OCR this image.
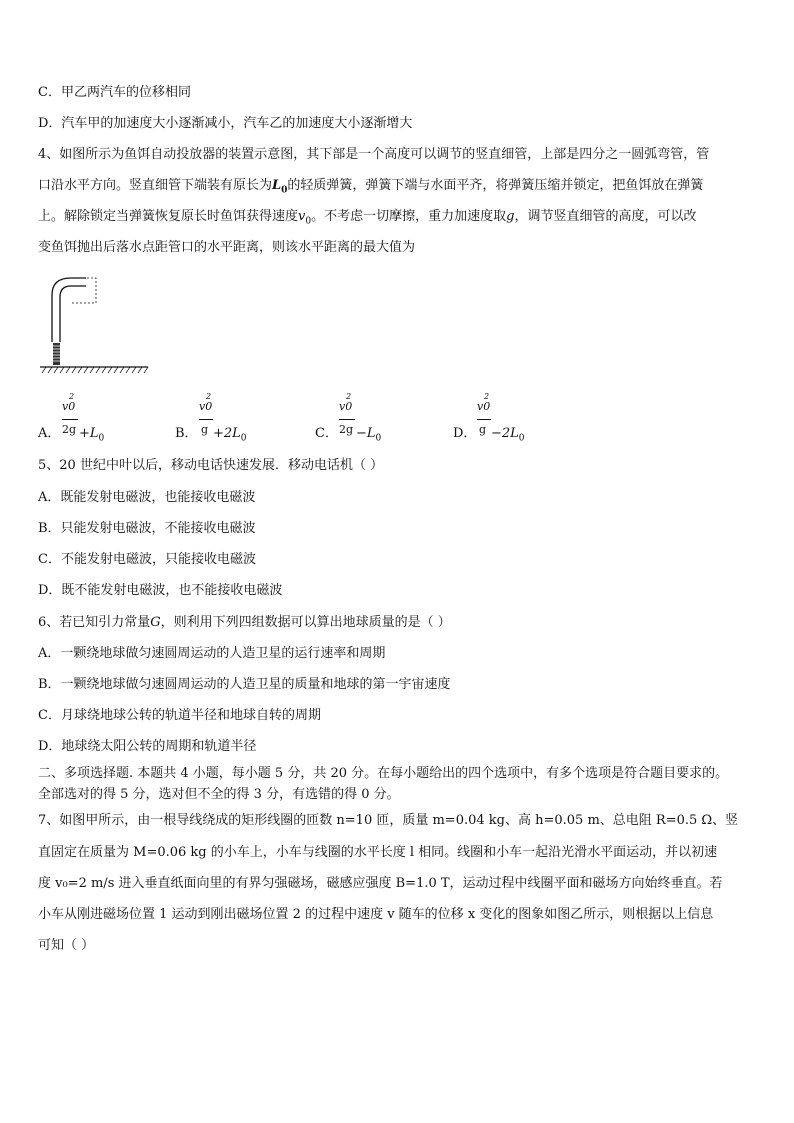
C．甲乙两汽车的位移相同
D．汽车甲的加速度大小逐渐减小，汽车乙的加速度大小逐渐增大
4、如图所示为鱼饵自动投放器的装置示意图，其下部是一个高度可以调节的竖直细管，上部是四分之一圆弧弯管，管
口沿水平方向。竖直细管下端装有原长为$L_0$的轻质弹簧，弹簧下端与水面平齐，将弹簧压缩并锁定，把鱼饵放在弹簧
上。解除锁定当弹簧恢复原长时鱼饵获得速度$v_0$。不考虑一切摩擦，重力加速度取g，调节竖直细管的高度，可以改
变鱼饵抛出后落水点距管口的水平距离，则该水平距离的最大值为
A．
v0
2
$2g +L_0$	B．
v0
2
$g +2L_0$	C．
v0
2
$2g -L_0$	D．
v0
2
$g -2L_0$
5、20 世纪中叶以后，移动电话快速发展．移动电话机（ ）
A．既能发射电磁波，也能接收电磁波
B．只能发射电磁波，不能接收电磁波
C．不能发射电磁波，只能接收电磁波
D．既不能发射电磁波，也不能接收电磁波
6、若已知引力常量G，则利用下列四组数据可以算出地球质量的是（ ）
A．一颗绕地球做匀速圆周运动的人造卫星的运行速率和周期
B．一颗绕地球做匀速圆周运动的人造卫星的质量和地球的第一宇宙速度
C．月球绕地球公转的轨道半径和地球自转的周期
D．地球绕太阳公转的周期和轨道半径
二、多项选择题. 本题共 4 小题，每小题 5 分，共 20 分。在每小题给出的四个选项中，有多个选项是符合题目要求的。
全部选对的得 5 分，选对但不全的得 3 分，有选错的得 0 分。
7、如图甲所示，由一根导线绕成的矩形线圈的匝数 n=10 匝，质量 m=0.04 kg、高 h=0.05 m、总电阻 R=0.5 Ω、竖
直固定在质量为 M=0.06 kg 的小车上，小车与线圈的水平长度 l 相同。线圈和小车一起沿光滑水平面运动，并以初速
度 v₀=2 m/s 进入垂直纸面向里的有界匀强磁场，磁感应强度 B=1.0 T，运动过程中线圈平面和磁场方向始终垂直。若
小车从刚进磁场位置 1 运动到刚出磁场位置 2 的过程中速度 v 随车的位移 x 变化的图象如图乙所示，则根据以上信息
可知（ ）
